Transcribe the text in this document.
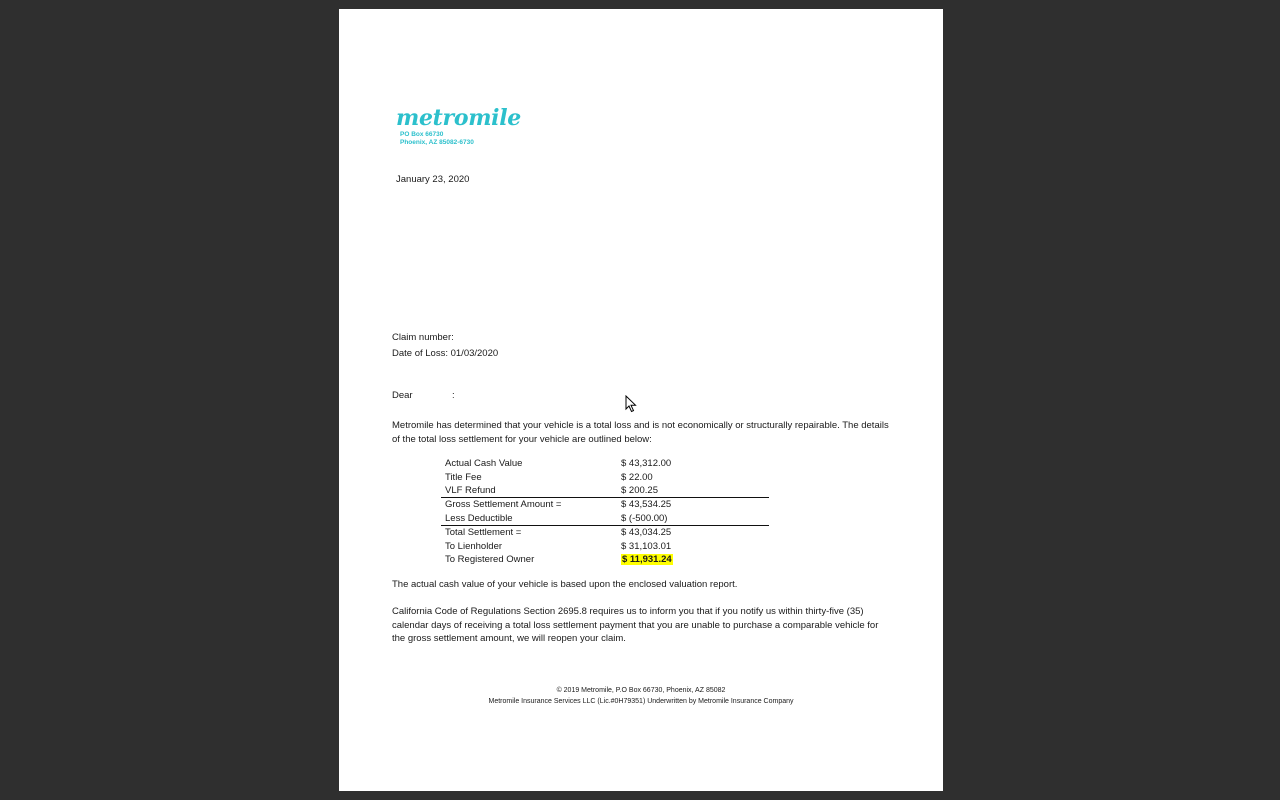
metromile
PO Box 66730
Phoenix, AZ 85082-6730
January 23, 2020
Claim number:
Date of Loss: 01/03/2020
Dear	:
Metromile has determined that your vehicle is a total loss and is not economically or structurally repairable. The details of the total loss settlement for your vehicle are outlined below:
Actual Cash Value	$ 43,312.00
Title Fee	$ 22.00
VLF Refund	$ 200.25
Gross Settlement Amount =	$ 43,534.25
Less Deductible	$ (-500.00)
Total Settlement =	$ 43,034.25
To Lienholder	$ 31,103.01
To Registered Owner	$ 11,931.24
The actual cash value of your vehicle is based upon the enclosed valuation report.
California Code of Regulations Section 2695.8 requires us to inform you that if you notify us within thirty-five (35) calendar days of receiving a total loss settlement payment that you are unable to purchase a comparable vehicle for the gross settlement amount, we will reopen your claim.
© 2019 Metromile, P.O Box 66730, Phoenix, AZ 85082
Metromile Insurance Services LLC (Lic.#0H79351) Underwritten by Metromile Insurance Company
